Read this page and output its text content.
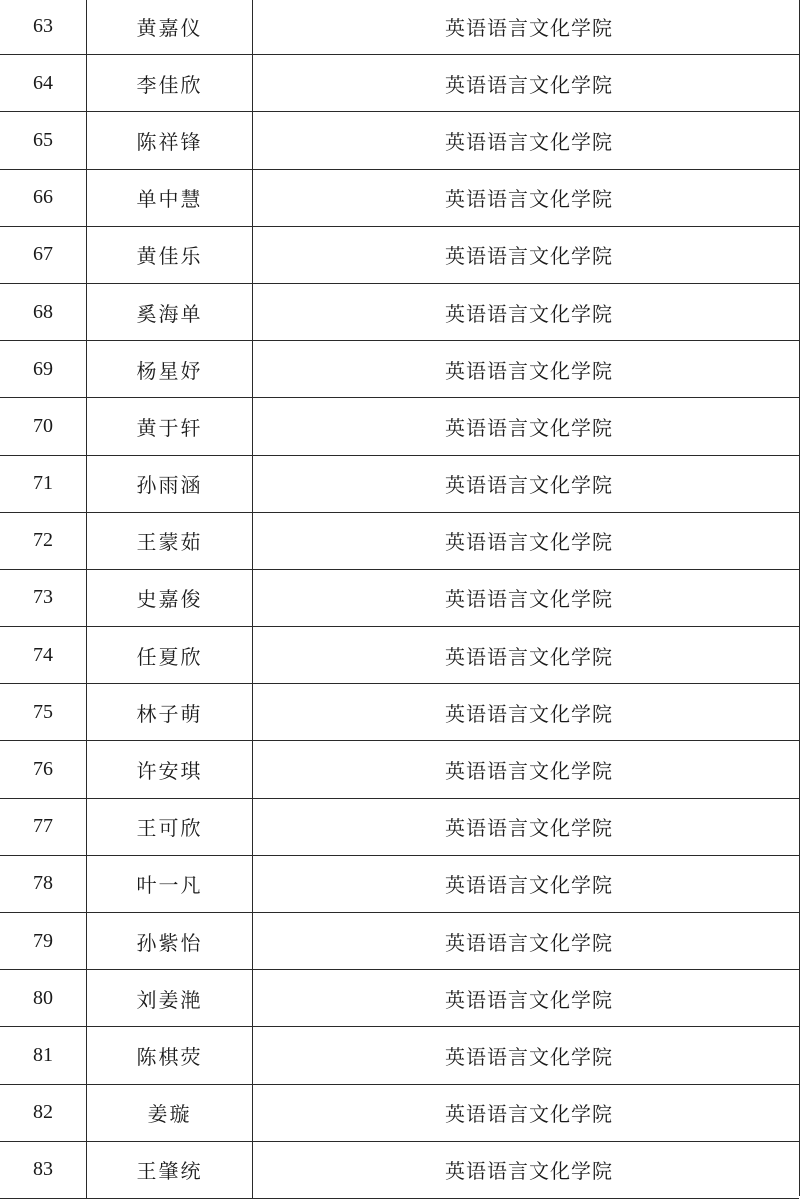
63	黄嘉仪	英语语言文化学院
64	李佳欣	英语语言文化学院
65	陈祥锋	英语语言文化学院
66	单中慧	英语语言文化学院
67	黄佳乐	英语语言文化学院
68	奚海单	英语语言文化学院
69	杨星妤	英语语言文化学院
70	黄于轩	英语语言文化学院
71	孙雨涵	英语语言文化学院
72	王蒙茹	英语语言文化学院
73	史嘉俊	英语语言文化学院
74	任夏欣	英语语言文化学院
75	林子萌	英语语言文化学院
76	许安琪	英语语言文化学院
77	王可欣	英语语言文化学院
78	叶一凡	英语语言文化学院
79	孙紫怡	英语语言文化学院
80	刘姜滟	英语语言文化学院
81	陈棋荧	英语语言文化学院
82	姜璇	英语语言文化学院
83	王肇统	英语语言文化学院
